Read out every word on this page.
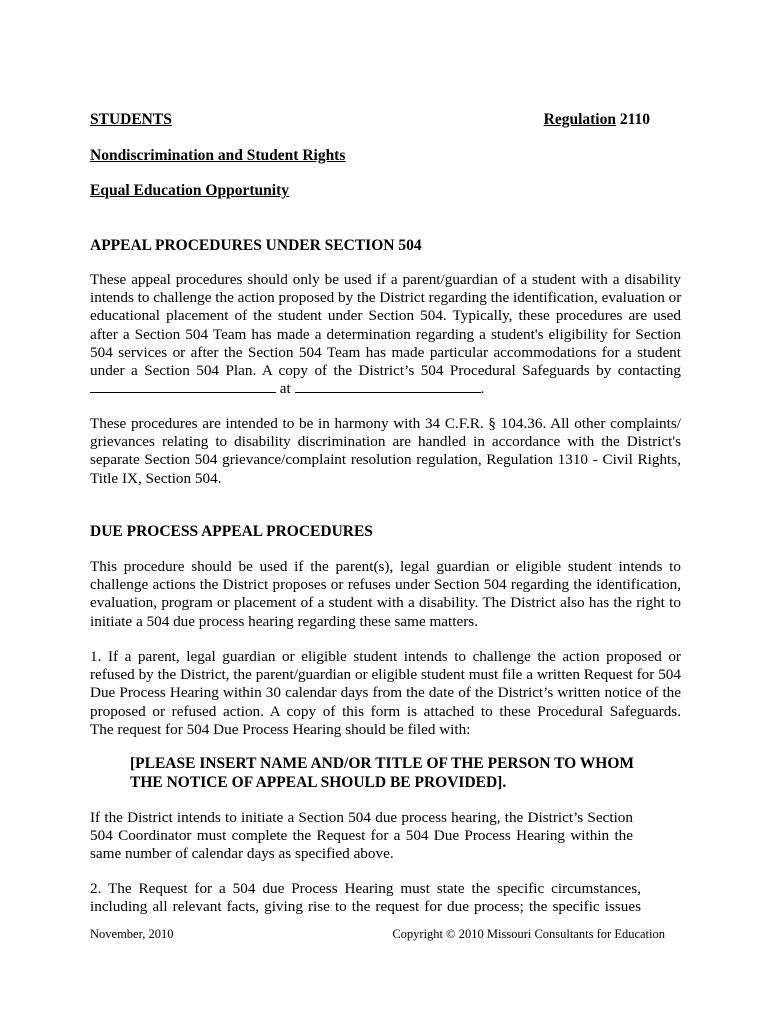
STUDENTS	Regulation 2110
Nondiscrimination and Student Rights
Equal Education Opportunity
APPEAL PROCEDURES UNDER SECTION 504
These appeal procedures should only be used if a parent/guardian of a student with a disability
intends to challenge the action proposed by the District regarding the identification, evaluation or
educational placement of the student under Section 504. Typically, these procedures are used
after a Section 504 Team has made a determination regarding a student's eligibility for Section
504 services or after the Section 504 Team has made particular accommodations for a student
under a Section 504 Plan. A copy of the District’s 504 Procedural Safeguards by contacting
at	.
These procedures are intended to be in harmony with 34 C.F.R. § 104.36. All other complaints/
grievances relating to disability discrimination are handled in accordance with the District's
separate Section 504 grievance/complaint resolution regulation, Regulation 1310 - Civil Rights,
Title IX, Section 504.
DUE PROCESS APPEAL PROCEDURES
This procedure should be used if the parent(s), legal guardian or eligible student intends to
challenge actions the District proposes or refuses under Section 504 regarding the identification,
evaluation, program or placement of a student with a disability. The District also has the right to
initiate a 504 due process hearing regarding these same matters.
1. If a parent, legal guardian or eligible student intends to challenge the action proposed or
refused by the District, the parent/guardian or eligible student must file a written Request for 504
Due Process Hearing within 30 calendar days from the date of the District’s written notice of the
proposed or refused action. A copy of this form is attached to these Procedural Safeguards.
The request for 504 Due Process Hearing should be filed with:
[PLEASE INSERT NAME AND/OR TITLE OF THE PERSON TO WHOM
THE NOTICE OF APPEAL SHOULD BE PROVIDED].
If the District intends to initiate a Section 504 due process hearing, the District’s Section
504 Coordinator must complete the Request for a 504 Due Process Hearing within the
same number of calendar days as specified above.
2. The Request for a 504 due Process Hearing must state the specific circumstances,
including all relevant facts, giving rise to the request for due process; the specific issues
November, 2010	Copyright © 2010 Missouri Consultants for Education
